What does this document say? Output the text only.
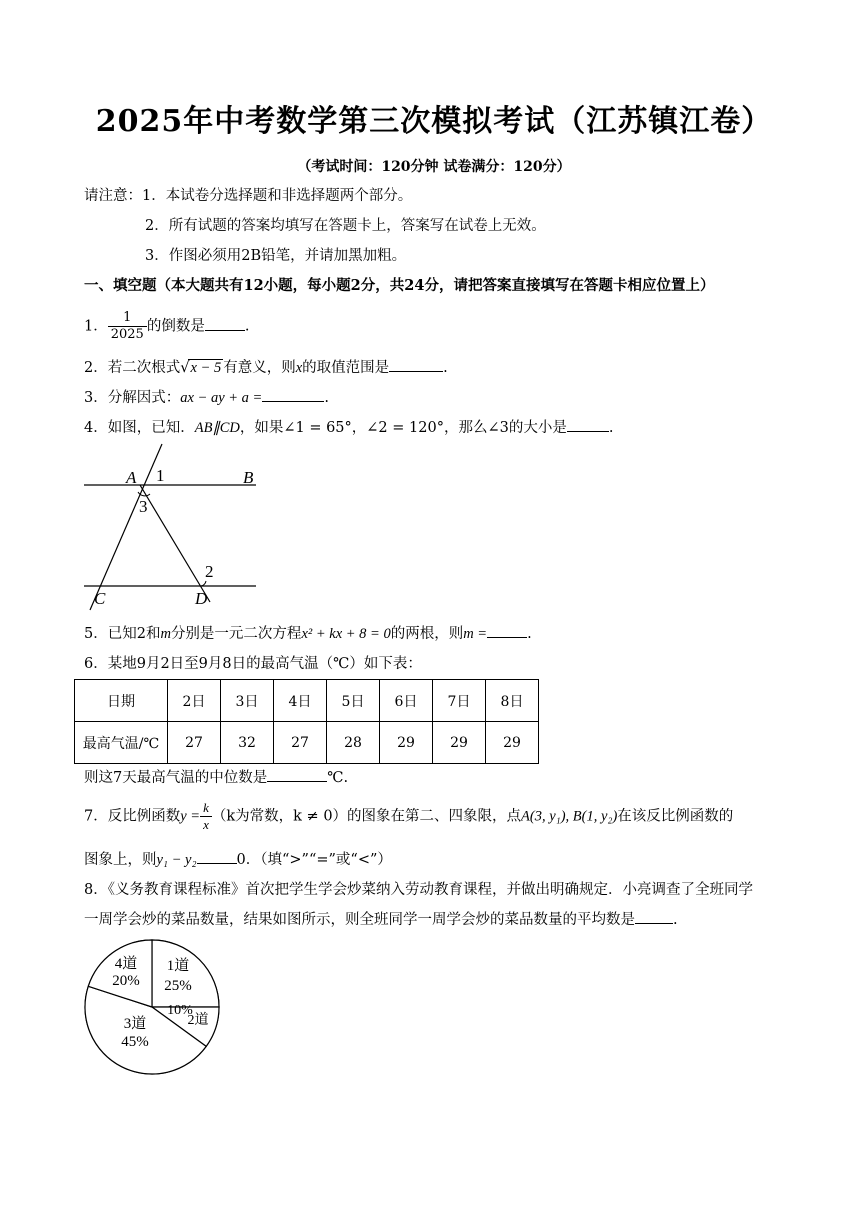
2025年中考数学第三次模拟考试（江苏镇江卷）
（考试时间：120分钟 试卷满分：120分）
请注意：1．本试卷分选择题和非选择题两个部分。
2．所有试题的答案均填写在答题卡上，答案写在试卷上无效。
3．作图必须用2B铅笔，并请加黑加粗。
一、填空题（本大题共有12小题，每小题2分，共24分，请把答案直接填写在答题卡相应位置上）
1． $\frac{1}{2025}$ 的倒数是	.
2．若二次根式√x − 5 有意义，则x的取值范围是	.
3．分解因式：ax − ay + a =	.
4．如图，已知．AB∥CD，如果∠1 = 65°，∠2 = 120°，那么∠3的大小是	.
A 1	B
3
2
C	D
5．已知2和m分别是一元二次方程x² + kx + 8 = 0的两根，则m =	.
6．某地9月2日至9月8日的最高气温（℃）如下表：
日期	2日	3日	4日	5日	6日	7日	8日
最高气温/℃	27	32	27	28	29	29	29
则这7天最高气温的中位数是	℃.
7．反比例函数$y = \frac{k}{x} (k$为常数，k ≠ 0）的图象在第二、四象限，点A(3, y₁), B(1, y₂)在该反比例函数的
图象上，则y₁ − y₂	0．（填“>”“=”或“<”）
8．《义务教育课程标准》首次把学生学会炒菜纳入劳动教育课程，并做出明确规定．小亮调查了全班同学
一周学会炒的菜品数量，结果如图所示，则全班同学一周学会炒的菜品数量的平均数是	.
1道
25%
2道
10%
3道
45%
4道
20%
